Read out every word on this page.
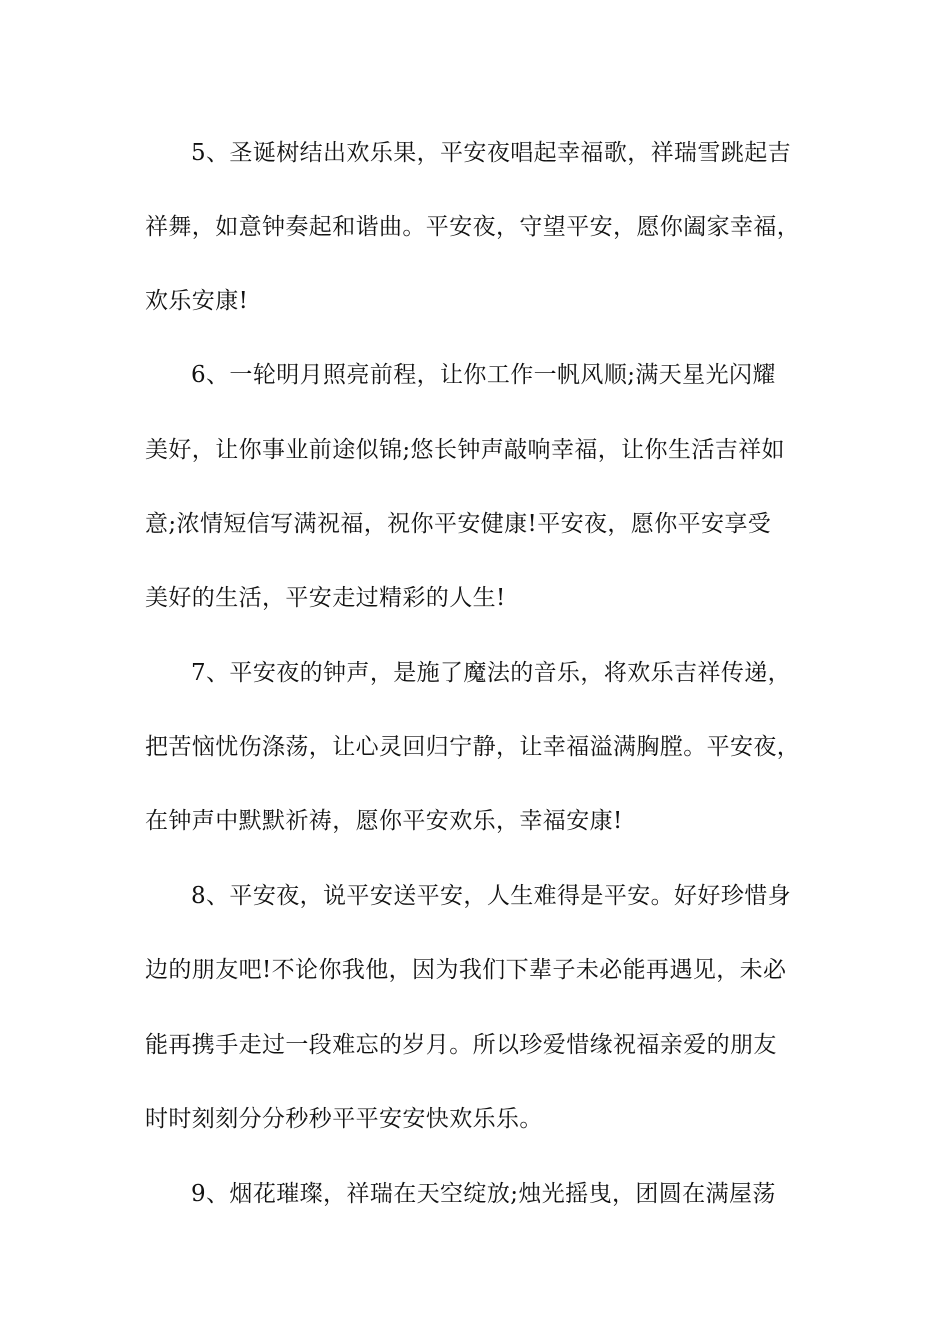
5、圣诞树结出欢乐果，平安夜唱起幸福歌，祥瑞雪跳起吉
祥舞，如意钟奏起和谐曲。平安夜，守望平安，愿你阖家幸福，
欢乐安康!
6、一轮明月照亮前程，让你工作一帆风顺;满天星光闪耀
美好，让你事业前途似锦;悠长钟声敲响幸福，让你生活吉祥如
意;浓情短信写满祝福，祝你平安健康!平安夜，愿你平安享受
美好的生活，平安走过精彩的人生!
7、平安夜的钟声，是施了魔法的音乐，将欢乐吉祥传递，
把苦恼忧伤涤荡，让心灵回归宁静，让幸福溢满胸膛。平安夜，
在钟声中默默祈祷，愿你平安欢乐，幸福安康!
8、平安夜，说平安送平安，人生难得是平安。好好珍惜身
边的朋友吧!不论你我他，因为我们下辈子未必能再遇见，未必
能再携手走过一段难忘的岁月。所以珍爱惜缘祝福亲爱的朋友
时时刻刻分分秒秒平平安安快欢乐乐。
9、烟花璀璨，祥瑞在天空绽放;烛光摇曳，团圆在满屋荡
